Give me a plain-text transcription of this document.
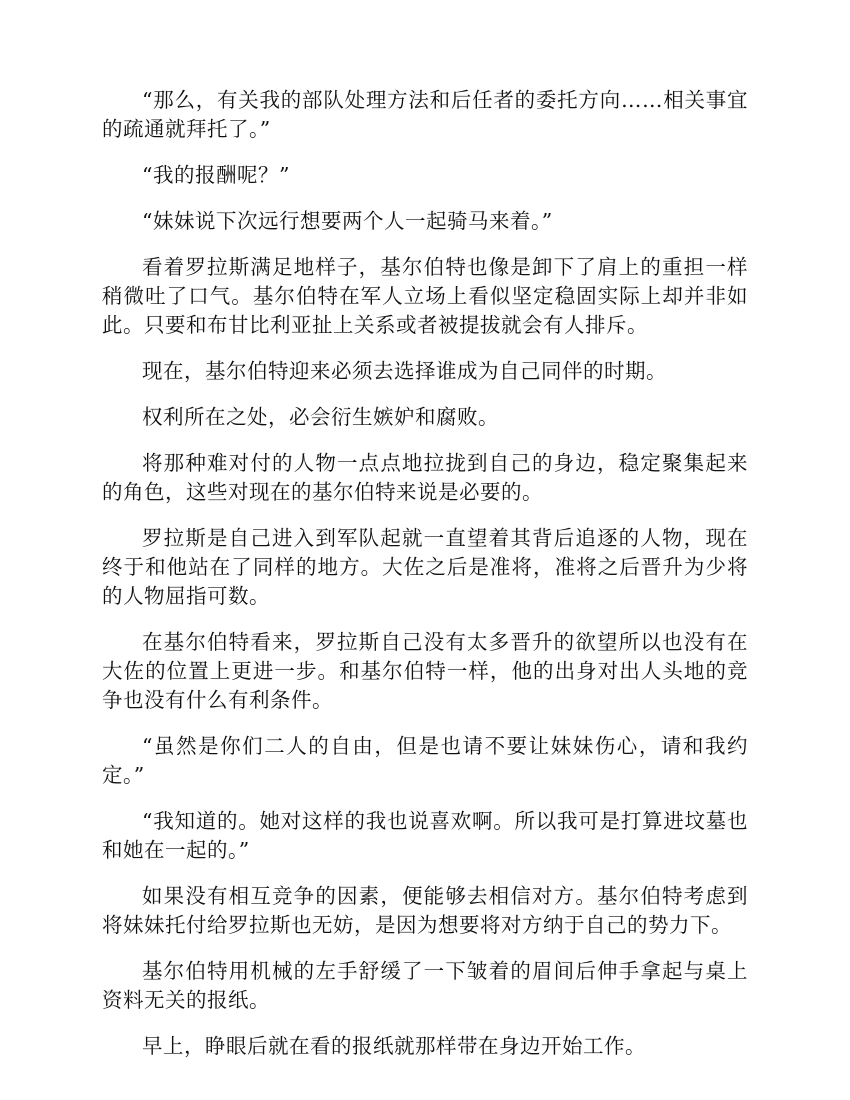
“那么，有关我的部队处理方法和后任者的委托方向……相关事宜的疏通就拜托了。”

“我的报酬呢？”

“妹妹说下次远行想要两个人一起骑马来着。”

看着罗拉斯满足地样子，基尔伯特也像是卸下了肩上的重担一样稍微吐了口气。基尔伯特在军人立场上看似坚定稳固实际上却并非如此。只要和布甘比利亚扯上关系或者被提拔就会有人排斥。

现在，基尔伯特迎来必须去选择谁成为自己同伴的时期。

权利所在之处，必会衍生嫉妒和腐败。

将那种难对付的人物一点点地拉拢到自己的身边，稳定聚集起来的角色，这些对现在的基尔伯特来说是必要的。

罗拉斯是自己进入到军队起就一直望着其背后追逐的人物，现在终于和他站在了同样的地方。大佐之后是准将，准将之后晋升为少将的人物屈指可数。

在基尔伯特看来，罗拉斯自己没有太多晋升的欲望所以也没有在大佐的位置上更进一步。和基尔伯特一样，他的出身对出人头地的竞争也没有什么有利条件。

“虽然是你们二人的自由，但是也请不要让妹妹伤心，请和我约定。”

“我知道的。她对这样的我也说喜欢啊。所以我可是打算进坟墓也和她在一起的。”

如果没有相互竞争的因素，便能够去相信对方。基尔伯特考虑到将妹妹托付给罗拉斯也无妨，是因为想要将对方纳于自己的势力下。

基尔伯特用机械的左手舒缓了一下皱着的眉间后伸手拿起与桌上资料无关的报纸。

早上，睁眼后就在看的报纸就那样带在身边开始工作。
